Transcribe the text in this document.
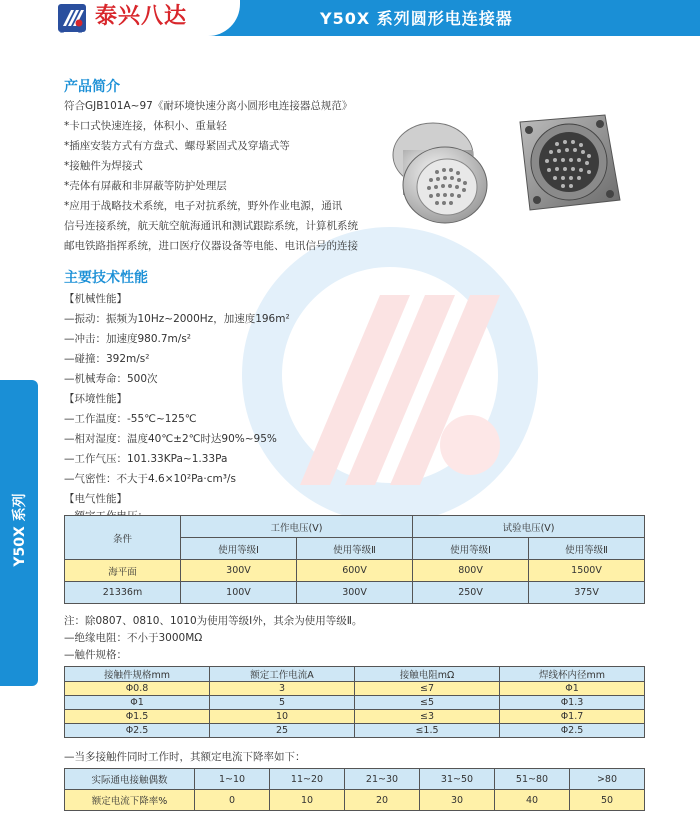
泰兴八达
B D
Y50X 系列圆形电连接器
Y50X 系列
产品简介
符合GJB101A~97《耐环境快速分离小圆形电连接器总规范》
*卡口式快速连接，体积小、重量轻
*插座安装方式有方盘式、螺母紧固式及穿墙式等
*接触件为焊接式
*壳体有屏蔽和非屏蔽等防护处理层
*应用于战略技术系统，电子对抗系统，野外作业电源，通讯
信号连接系统，航天航空航海通讯和测试跟踪系统，计算机系统
邮电铁路指挥系统，进口医疗仪器设备等电能、电讯信号的连接
主要技术性能
【机械性能】
—振动：振频为10Hz~2000Hz，加速度196m²
—冲击：加速度980.7m/s²
—碰撞：392m/s²
—机械寿命：500次
【环境性能】
—工作温度：-55℃~125℃
—相对湿度：温度40℃±2℃时达90%~95%
—工作气压：101.33KPa~1.33Pa
—气密性：不大于4.6×10²Pa·cm³/s
【电气性能】
—额定工作电压：
条件	工作电压(V)		试验电压(V)	
	使用等级Ⅰ	使用等级Ⅱ	使用等级Ⅰ	使用等级Ⅱ
海平面	300V	600V	800V	1500V
21336m	100V	300V	250V	375V
注：除0807、0810、1010为使用等级Ⅰ外，其余为使用等级Ⅱ。
—绝缘电阻：不小于3000MΩ
—触件规格：
接触件规格mm	额定工作电流A	接触电阻mΩ	焊线杯内径mm
Φ0.8	3	≤7	Φ1
Φ1	5	≤5	Φ1.3
Φ1.5	10	≤3	Φ1.7
Φ2.5	25	≤1.5	Φ2.5
—当多接触件同时工作时，其额定电流下降率如下：
实际通电接触偶数	1~10	11~20	21~30	31~50	51~80	>80
额定电流下降率%	0	10	20	30	40	50
